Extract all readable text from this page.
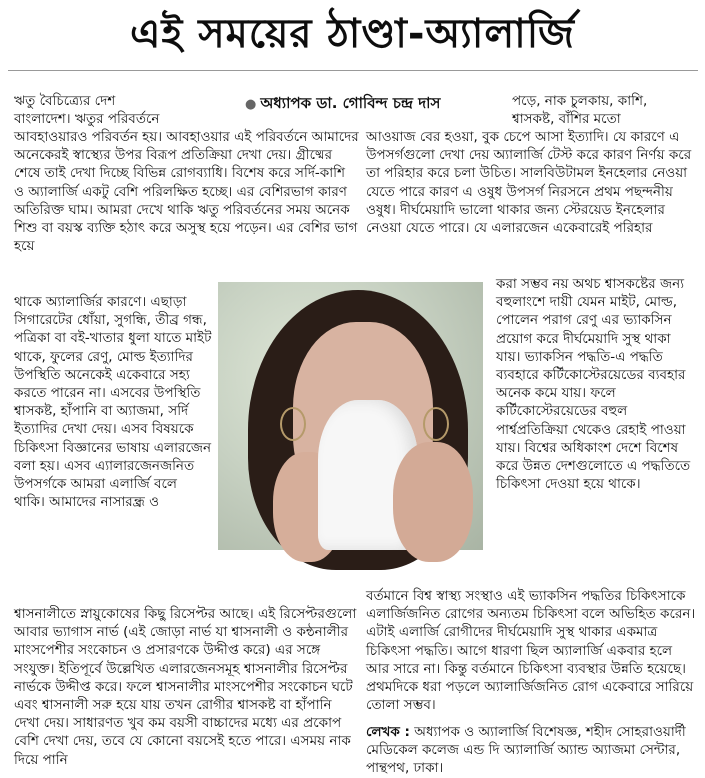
এই সময়ের ঠাণ্ডা-অ্যালার্জি
● অধ্যাপক ডা. গোবিন্দ চন্দ্র দাস
ঋতু বৈচিত্র্যের দেশ
বাংলাদেশ। ঋতুর পরিবর্তনে
আবহাওয়ারও পরিবর্তন হয়। আবহাওয়ার এই পরিবর্তনে আমাদের অনেকেরই স্বাস্থ্যের উপর বিরূপ প্রতিক্রিয়া দেখা দেয়। গ্রীষ্মের শেষে তাই দেখা দিচ্ছে বিভিন্ন রোগব্যাধি। বিশেষ করে সর্দি-কাশি ও অ্যালার্জি একটু বেশি পরিলক্ষিত হচ্ছে। এর বেশিরভাগ কারণ অতিরিক্ত ঘাম। আমরা দেখে থাকি ঋতু পরিবর্তনের সময় অনেক শিশু বা বয়স্ক ব্যক্তি হঠাৎ করে অসুস্থ হয়ে পড়েন। এর বেশির ভাগ হয়ে
থাকে অ্যালার্জির কারণে। এছাড়া সিগারেটের ধোঁয়া, সুগন্ধি, তীব্র গন্ধ, পত্রিকা বা বই-খাতার ধুলা যাতে মাইট থাকে, ফুলের রেণু, মোল্ড ইত্যাদির উপস্থিতি অনেকেই একেবারে সহ্য করতে পারেন না। এসবের উপস্থিতি শ্বাসকষ্ট, হাঁপানি বা অ্যাজমা, সর্দি ইত্যাদির দেখা দেয়। এসব বিষয়কে চিকিৎসা বিজ্ঞানের ভাষায় এলারজেন বলা হয়। এসব এ্যালারজেনজনিত উপসর্গকে আমরা এলার্জি বলে থাকি। আমাদের নাসারন্ধ্র ও
শ্বাসনালীতে স্নায়ুকোষের কিছু রিসেপ্টর আছে। এই রিসেপ্টরগুলো আবার ভ্যাগাস নার্ভ (এই জোড়া নার্ভ যা শ্বাসনালী ও কন্ঠনালীর মাংসপেশীর সংকোচন ও প্রসারণকে উদ্দীপ্ত করে) এর সঙ্গে সংযুক্ত। ইতিপূর্বে উল্লেখিত এলারজেনসমূহ শ্বাসনালীর রিসেপ্টর নার্ভকে উদ্দীপ্ত করে। ফলে শ্বাসনালীর মাংসপেশীর সংকোচন ঘটে এবং শ্বাসনালী সরু হয়ে যায় তখন রোগীর শ্বাসকষ্ট বা হাঁপানি দেখা দেয়। সাধারণত খুব কম বয়সী বাচ্চাদের মধ্যে এর প্রকোপ বেশি দেখা দেয়, তবে যে কোনো বয়সেই হতে পারে। এসময় নাক দিয়ে পানি
পড়ে, নাক চুলকায়, কাশি, শ্বাসকষ্ট, বাঁশির মতো
আওয়াজ বের হওয়া, বুক চেপে আসা ইত্যাদি। যে কারণে এ উপসর্গগুলো দেখা দেয় অ্যালার্জি টেস্ট করে কারণ নির্ণয় করে তা পরিহার করে চলা উচিত। সালবিউটামল ইনহেলার নেওয়া যেতে পারে কারণ এ ওষুধ উপসর্গ নিরসনে প্রথম পছন্দনীয় ওষুধ। দীর্ঘমেয়াদি ভালো থাকার জন্য স্টেরয়েড ইনহেলার নেওয়া যেতে পারে। যে এলারজেন একেবারেই পরিহার
করা সম্ভব নয় অথচ শ্বাসকষ্টের জন্য বহুলাংশে দায়ী যেমন মাইট, মোল্ড, পোলেন পরাগ রেণু এর ভ্যাকসিন প্রয়োগ করে দীর্ঘমেয়াদি সুস্থ থাকা যায়। ভ্যাকসিন পদ্ধতি-এ পদ্ধতি ব্যবহারে কর্টিকোস্টেরয়েডের ব্যবহার অনেক কমে যায়। ফলে কর্টিকোস্টেরয়েডের বহুল পার্শ্বপ্রতিক্রিয়া থেকেও রেহাই পাওয়া যায়। বিশ্বের অধিকাংশ দেশে বিশেষ করে উন্নত দেশগুলোতে এ পদ্ধতিতে চিকিৎসা দেওয়া হয়ে থাকে।
বর্তমানে বিশ্ব স্বাস্থ্য সংস্থাও এই ভ্যাকসিন পদ্ধতির চিকিৎসাকে এলার্জিজনিত রোগের অন্যতম চিকিৎসা বলে অভিহিত করেন। এটাই এলার্জি রোগীদের দীর্ঘমেয়াদি সুস্থ থাকার একমাত্র চিকিৎসা পদ্ধতি। আগে ধারণা ছিল অ্যালার্জি একবার হলে আর সারে না। কিন্তু বর্তমানে চিকিৎসা ব্যবস্থার উন্নতি হয়েছে। প্রথমদিকে ধরা পড়লে অ্যালার্জিজনিত রোগ একেবারে সারিয়ে তোলা সম্ভব।
লেখক : অধ্যাপক ও অ্যালার্জি বিশেষজ্ঞ, শহীদ সোহরাওয়ার্দী মেডিকেল কলেজ এন্ড দি অ্যালার্জি অ্যান্ড অ্যাজমা সেন্টার, পান্থপথ, ঢাকা।
